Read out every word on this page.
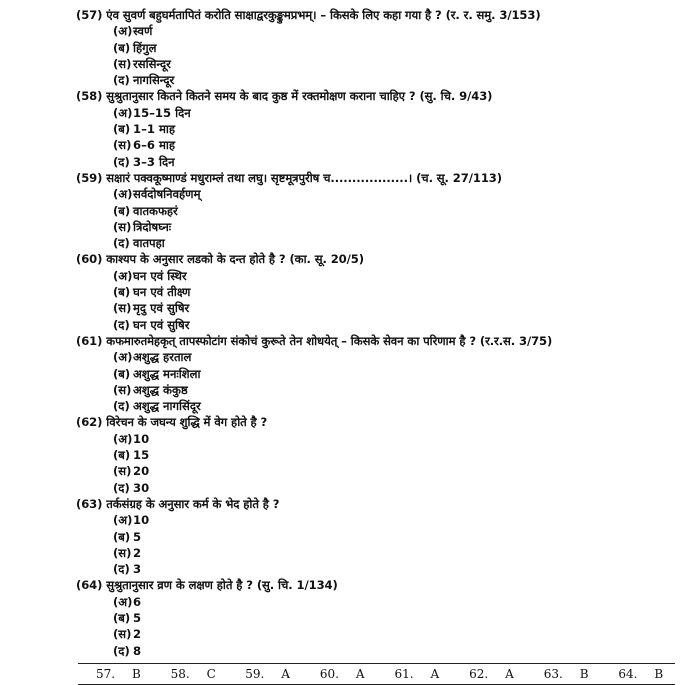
(57) एंव सुवर्ण बहुघर्मतापितं करोति साक्षाद्वरकुङ्कुमप्रभम्। – किसके लिए कहा गया है ? (र. र. समु. 3/153)
(अ)स्वर्ण
(ब) हिंगुल
(स) रससिन्दूर
(द) नागसिन्दूर
(58) सुश्रुतानुसार कितने कितने समय के बाद कुष्ठ में रक्तमोक्षण कराना चाहिए ? (सु. चि. 9/43)
(अ)15–15 दिन
(ब) 1–1 माह
(स) 6–6 माह
(द) 3–3 दिन
(59) सक्षारं पक्वकूष्माण्डं मधुराम्लं तथा लघु। सृष्टमूत्रपुरीष च..................। (च. सू. 27/113)
(अ)सर्वदोषनिवर्हणम्
(ब) वातकफहरं
(स) त्रिदोषघ्नः
(द) वातपहा
(60) काश्यप के अनुसार लडको के दन्त होते है ? (का. सू. 20/5)
(अ)घन एवं स्थिर
(ब) घन एवं तीक्ष्ण
(स) मृदु एवं सुषिर
(द) घन एवं सुषिर
(61) कफमारुतमेहकृत् तापस्फोटांग संकोचं कुरूते तेन शोधयेत् – किसके सेवन का परिणाम है ? (र.र.स. 3/75)
(अ)अशुद्ध हरताल
(ब) अशुद्ध मनःशिला
(स) अशुद्ध कंकुष्ठ
(द) अशुद्ध नागसिंदूर
(62) विरेचन के जघन्य शुद्धि में वेग होते है ?
(अ)10
(ब) 15
(स) 20
(द) 30
(63) तर्कसंग्रह के अनुसार कर्म के भेद होते है ?
(अ)10
(ब) 5
(स) 2
(द) 3
(64) सुश्रुतानुसार व्रण के लक्षण होते है ? (सु. चि. 1/134)
(अ)6
(ब) 5
(स) 2
(द) 8
57. B	58. C	59. A	60. A	61. A	62. A	63. B	64. B
